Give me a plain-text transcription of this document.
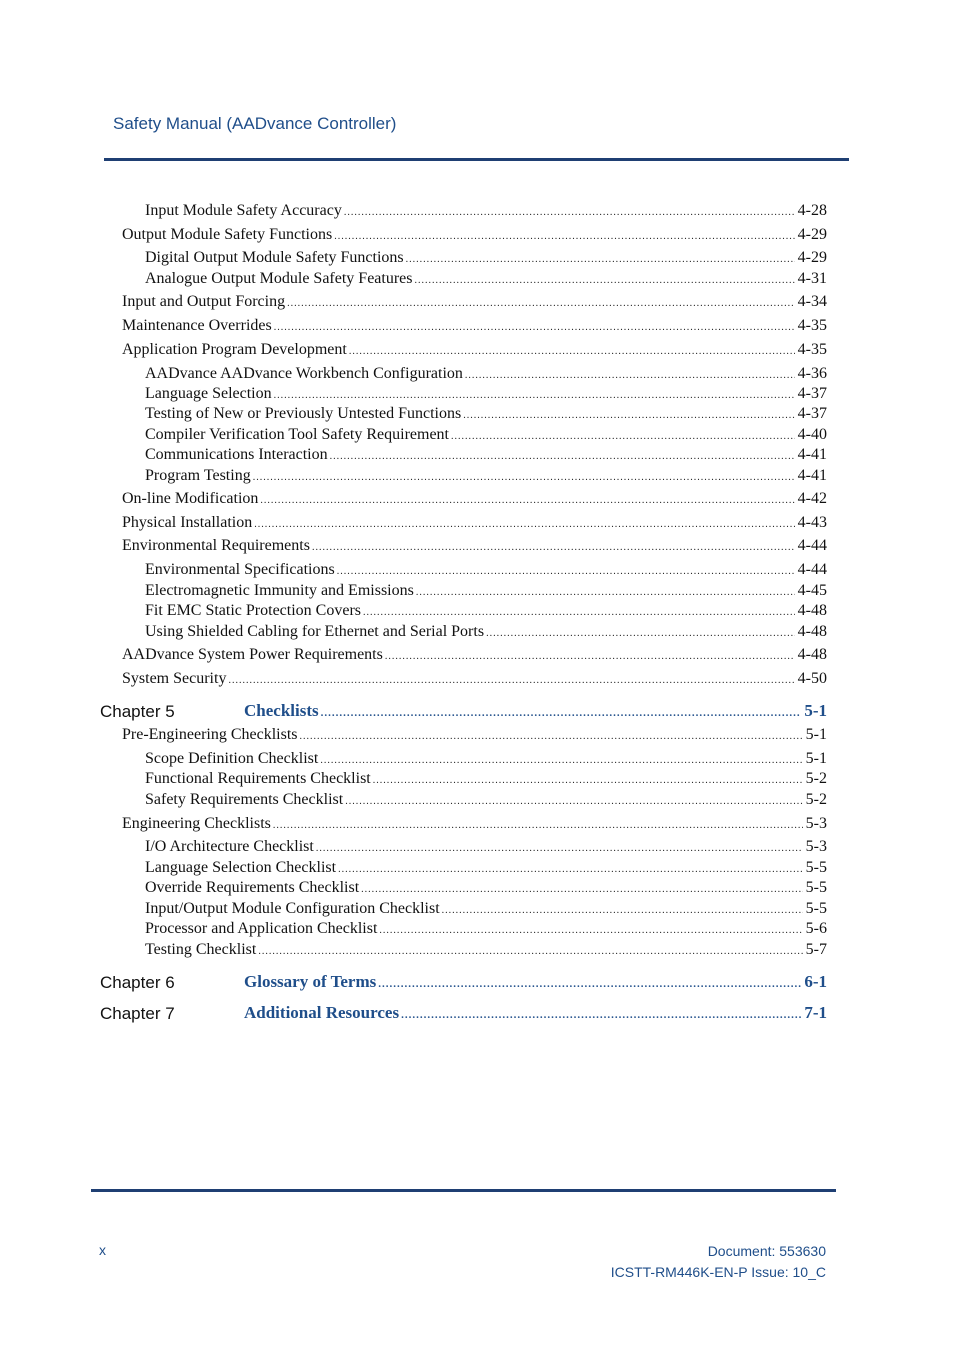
Safety Manual (AADvance Controller)
Input Module Safety Accuracy .....	4-28
Output Module Safety Functions .....	4-29
Digital Output Module Safety Functions .....	4-29
Analogue Output Module Safety Features .....	4-31
Input and Output Forcing .....	4-34
Maintenance Overrides .....	4-35
Application Program Development .....	4-35
AADvance AADvance Workbench Configuration .....	4-36
Language Selection .....	4-37
Testing of New or Previously Untested Functions .....	4-37
Compiler Verification Tool Safety Requirement .....	4-40
Communications Interaction .....	4-41
Program Testing .....	4-41
On-line Modification .....	4-42
Physical Installation .....	4-43
Environmental Requirements .....	4-44
Environmental Specifications .....	4-44
Electromagnetic Immunity and Emissions .....	4-45
Fit EMC Static Protection Covers .....	4-48
Using Shielded Cabling for Ethernet and Serial Ports .....	4-48
AADvance System Power Requirements .....	4-48
System Security .....	4-50
Chapter 5	Checklists .....	5-1
Pre-Engineering Checklists .....	5-1
Scope Definition Checklist .....	5-1
Functional Requirements Checklist .....	5-2
Safety Requirements Checklist .....	5-2
Engineering Checklists .....	5-3
I/O Architecture Checklist .....	5-3
Language Selection Checklist .....	5-5
Override Requirements Checklist .....	5-5
Input/Output Module Configuration Checklist .....	5-5
Processor and Application Checklist .....	5-6
Testing Checklist .....	5-7
Chapter 6	Glossary of Terms .....	6-1
Chapter 7	Additional Resources .....	7-1
x	Document: 553630
ICSTT-RM446K-EN-P Issue: 10_C
